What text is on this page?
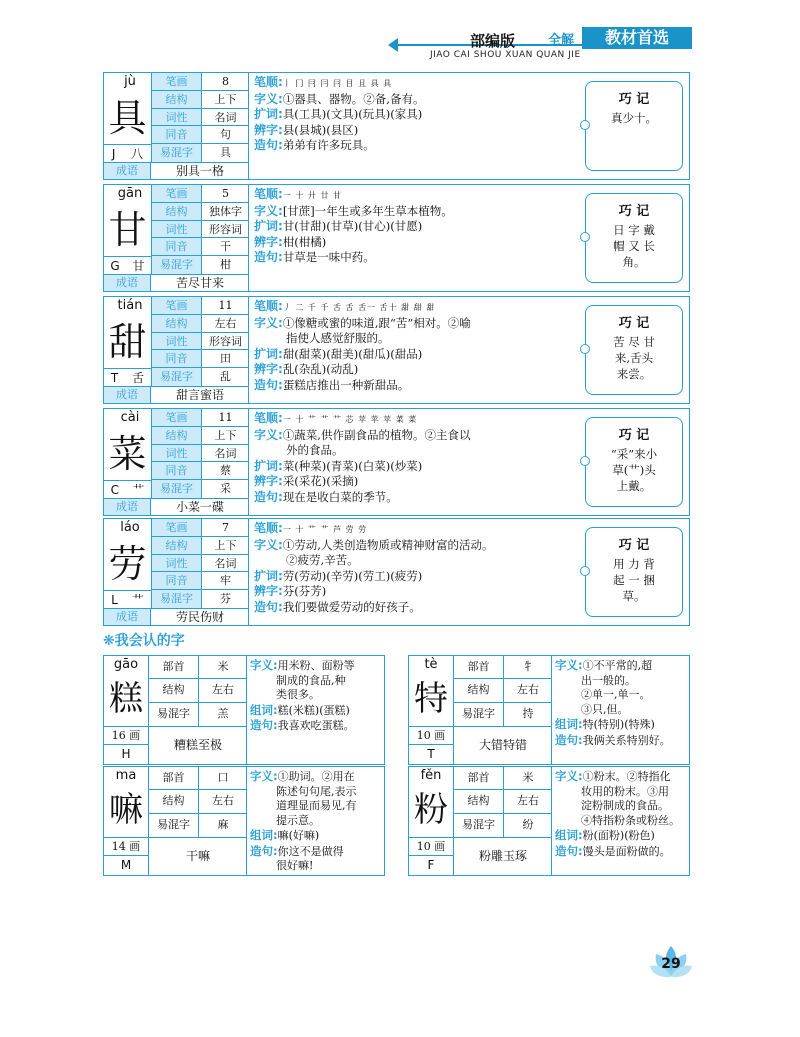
部编版	全解	教材首选
JIAO CAI SHOU XUAN QUAN JIE
jù
具
J 八
笔画	8
结构	上下
词性	名词
同音	句
易混字	具
成语	别具一格
笔顺:丨 冂 冃 冃 冃 目 且 具 具
字义:①器具、器物。②备,备有。
扩词:具(工具)(文具)(玩具)(家具)
辨字:县(县城)(县区)
造句:弟弟有许多玩具。
巧 记
真少十。
gān
甘
G 甘
笔画	5
结构	独体字
词性	形容词
同音	干
易混字	柑
成语	苦尽甘来
笔顺:一 十 廾 廿 甘
字义:[甘蔗]一年生或多年生草本植物。
扩词:甘(甘甜)(甘草)(甘心)(甘愿)
辨字:柑(柑橘)
造句:甘草是一味中药。
巧 记
日 字 戴
帽 又 长
角。
tián
甜
T 舌
笔画	11
结构	左右
词性	形容词
同音	田
易混字	乱
成语	甜言蜜语
笔顺:丿 二 千 千 舌 舌 舌一 舌十 甜 甜 甜
字义:①像糖或蜜的味道,跟“苦”相对。②喻
指使人感觉舒服的。
扩词:甜(甜菜)(甜美)(甜瓜)(甜品)
辨字:乱(杂乱)(动乱)
造句:蛋糕店推出一种新甜品。
巧 记
苦 尽 甘
来,舌头
来尝。
cài
菜
C 艹
笔画	11
结构	上下
词性	名词
同音	蔡
易混字	采
成语	小菜一碟
笔顺:一 十 艹 艹 艹 芯 苹 苹 苹 菜 菜
字义:①蔬菜,供作副食品的植物。②主食以
外的食品。
扩词:菜(种菜)(青菜)(白菜)(炒菜)
辨字:采(采花)(采摘)
造句:现在是收白菜的季节。
巧 记
“采”来小
草(艹)头
上戴。
láo
劳
L 艹
笔画	7
结构	上下
词性	名词
同音	牢
易混字	芬
成语	劳民伤财
笔顺:一 十 艹 艹 芦 劳 劳
字义:①劳动,人类创造物质或精神财富的活动。
②疲劳,辛苦。
扩词:劳(劳动)(辛劳)(劳工)(疲劳)
辨字:芬(芬芳)
造句:我们要做爱劳动的好孩子。
巧 记
用 力 背
起 一 捆
草。
❋我会认的字
gāo
糕
16 画
H
部首	米
结构	左右
易混字	羔
糟糕至极
字义:用米粉、面粉等
制成的食品,种
类很多。
组词:糕(米糕)(蛋糕)
造句:我喜欢吃蛋糕。
tè
特
10 画
T
部首	牜
结构	左右
易混字	持
大错特错
字义:①不平常的,超
出一般的。
②单一,单一。
③只,但。
组词:特(特别)(特殊)
造句:我俩关系特别好。
ma
嘛
14 画
M
部首	口
结构	左右
易混字	麻
干嘛
字义:①助词。②用在
陈述句句尾,表示
道理显而易见,有
提示意。
组词:嘛(好嘛)
造句:你这不是做得
很好嘛!
fěn
粉
10 画
F
部首	米
结构	左右
易混字	纷
粉雕玉琢
字义:①粉末。②特指化
妆用的粉末。③用
淀粉制成的食品。
④特指粉条或粉丝。
组词:粉(面粉)(粉色)
造句:馒头是面粉做的。
29
